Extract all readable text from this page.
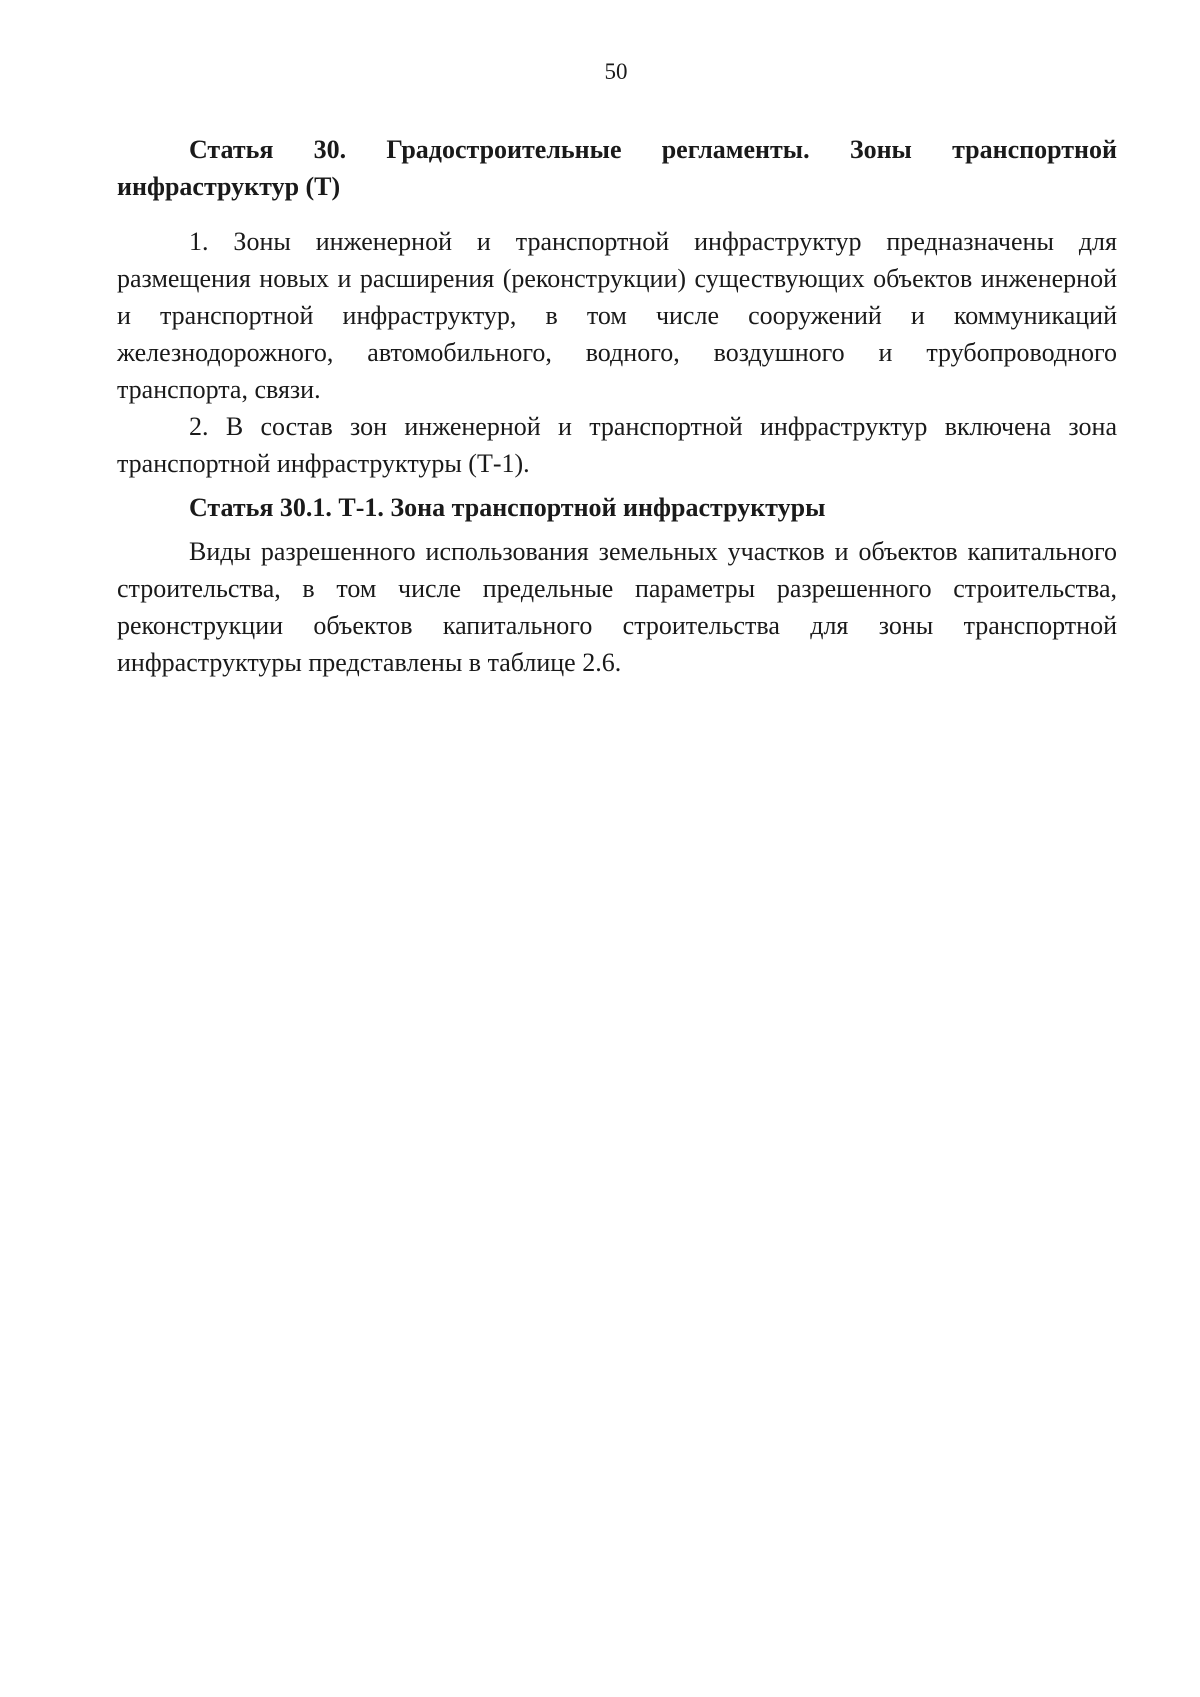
50

Статья 30. Градостроительные регламенты. Зоны транспортной инфраструктур (Т)

1. Зоны инженерной и транспортной инфраструктур предназначены для размещения новых и расширения (реконструкции) существующих объектов инженерной и транспортной инфраструктур, в том числе сооружений и коммуникаций железнодорожного, автомобильного, водного, воздушного и трубопроводного транспорта, связи.

2. В состав зон инженерной и транспортной инфраструктур включена зона транспортной инфраструктуры (Т-1).

Статья 30.1. Т-1. Зона транспортной инфраструктуры

Виды разрешенного использования земельных участков и объектов капитального строительства, в том числе предельные параметры разрешенного строительства, реконструкции объектов капитального строительства для зоны транспортной инфраструктуры представлены в таблице 2.6.
